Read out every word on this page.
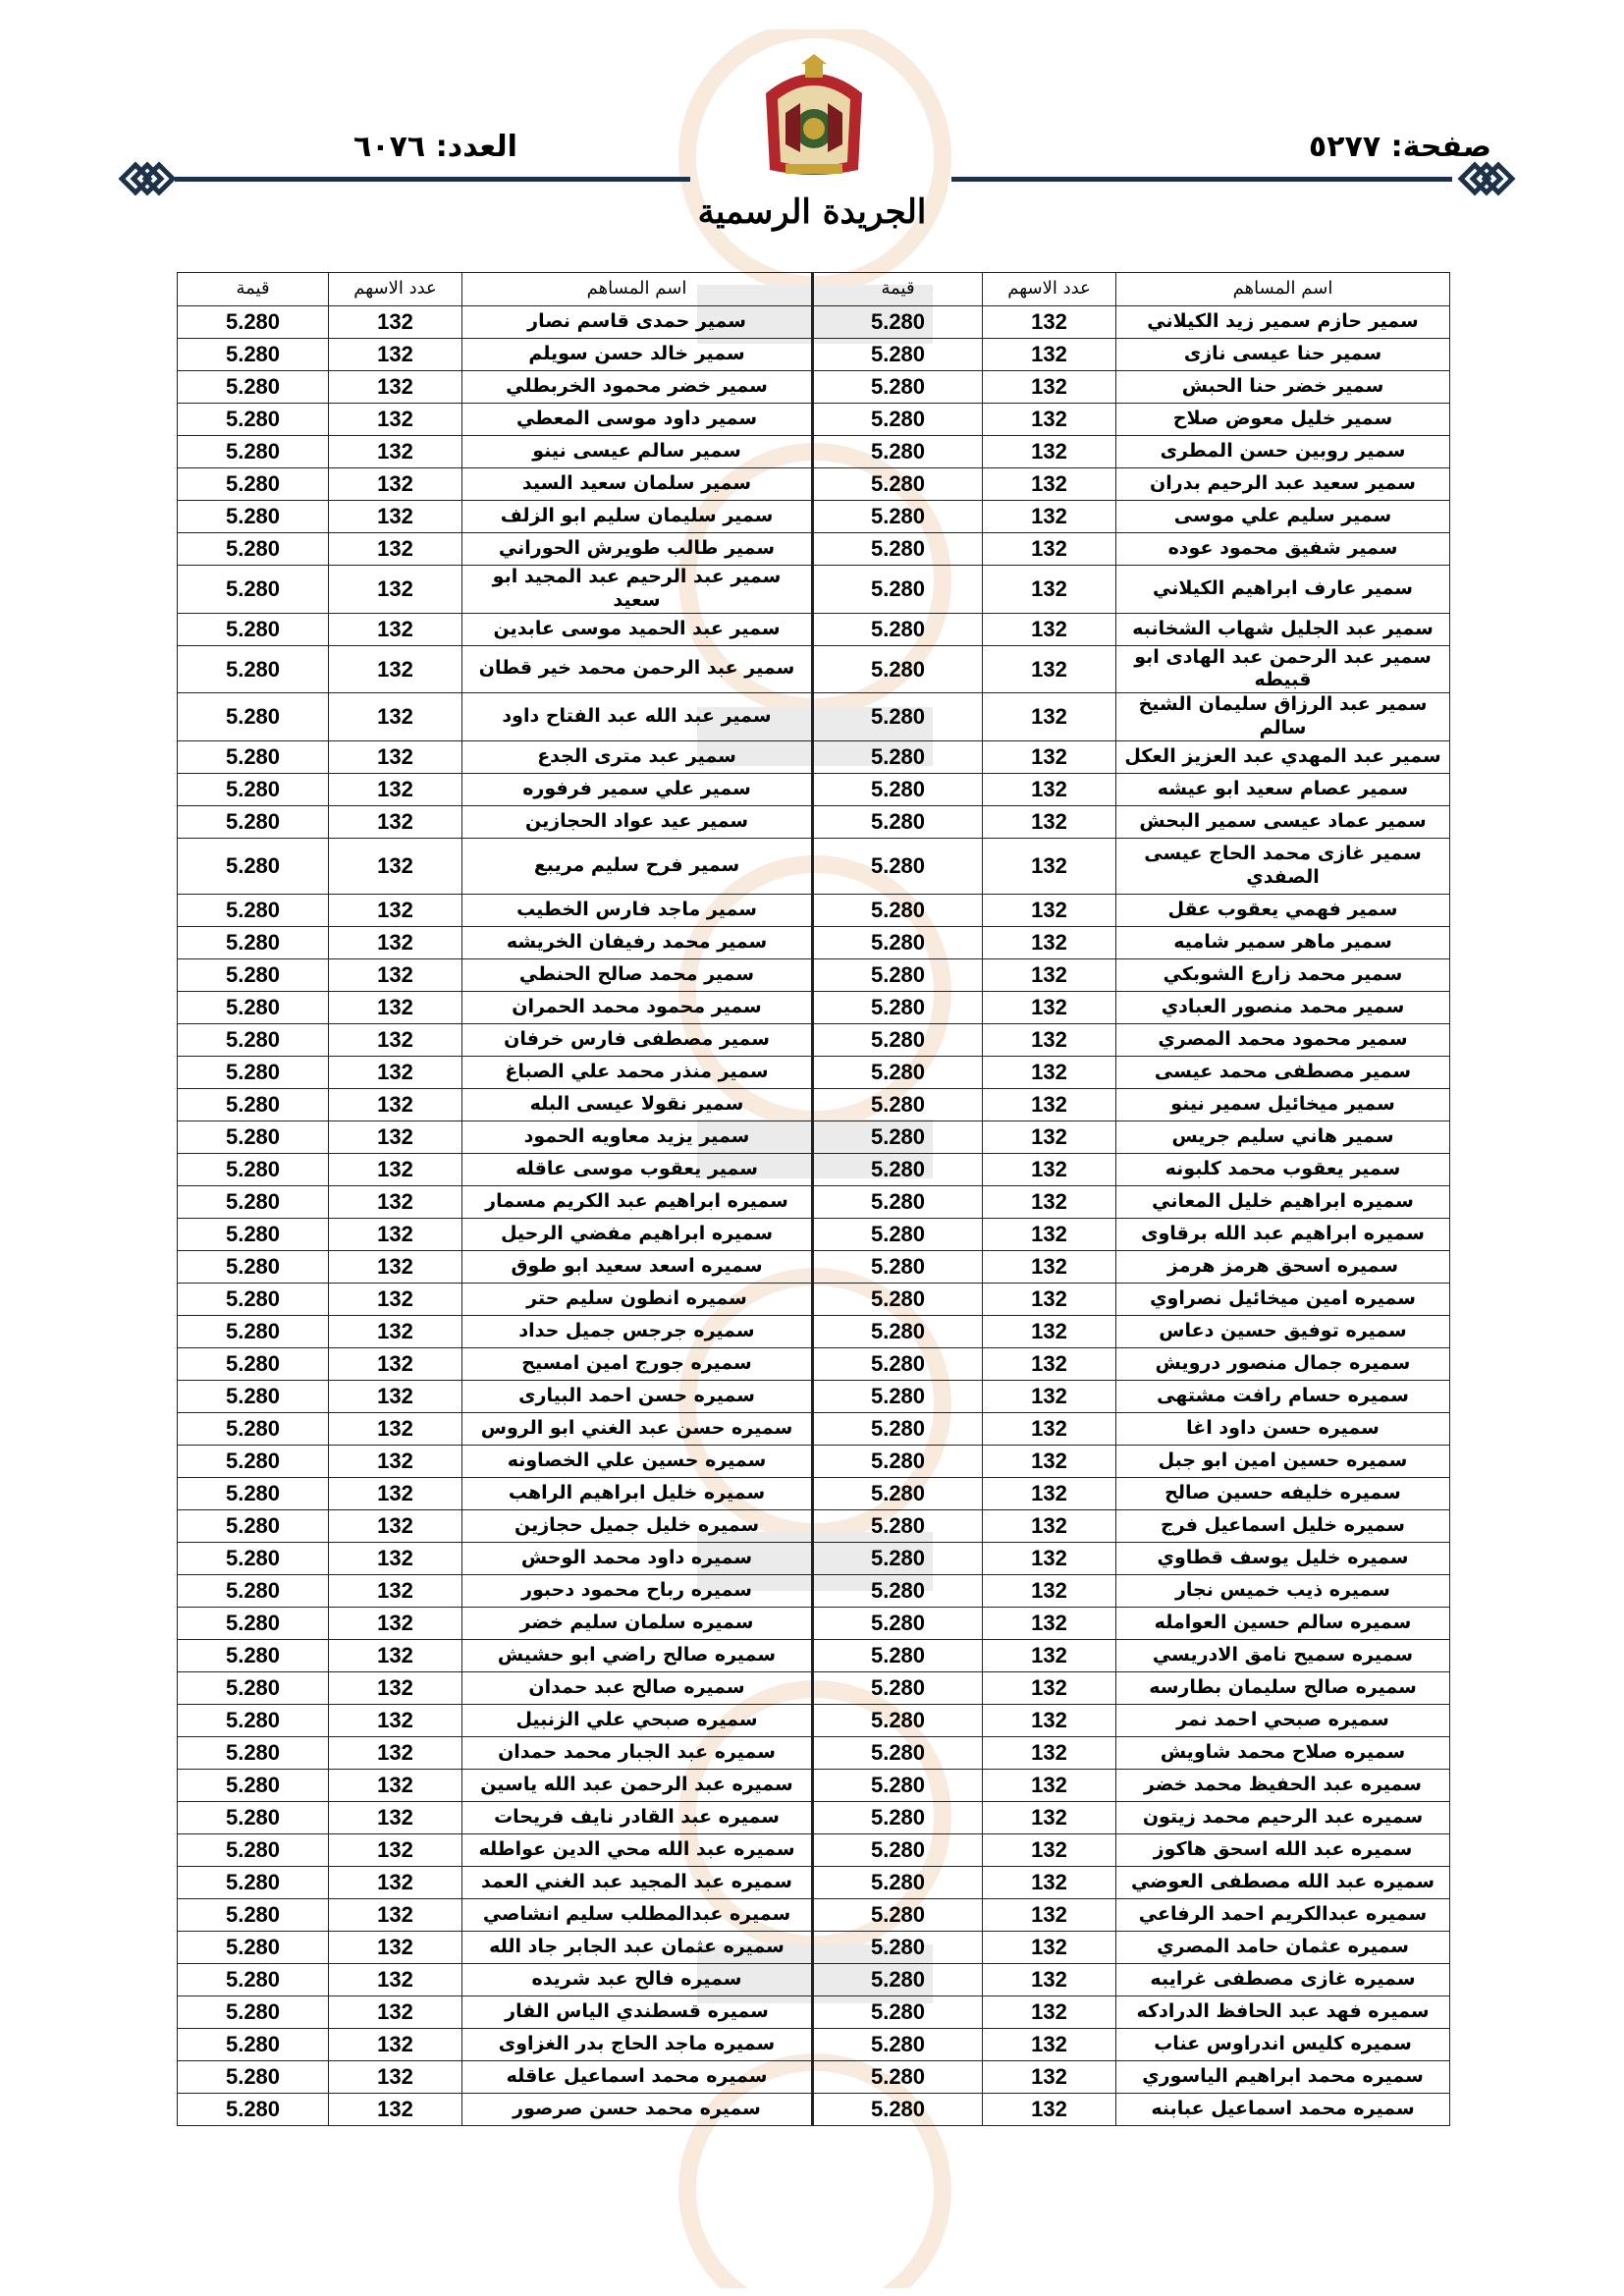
صفحة: ٥٢٧٧
العدد: ٦٠٧٦
الجريدة الرسمية
اسم المساهم	عدد الاسهم	قيمة	اسم المساهم	عدد الاسهم	قيمة
سمير حازم سمير زيد الكيلاني	132	5.280	سمير حمدى قاسم نصار	132	5.280
سمير حنا عيسى نازى	132	5.280	سمير خالد حسن سويلم	132	5.280
سمير خضر حنا الحبش	132	5.280	سمير خضر محمود الخربطلي	132	5.280
سمير خليل معوض صلاح	132	5.280	سمير داود موسى المعطي	132	5.280
سمير روبين حسن المطرى	132	5.280	سمير سالم عيسى نينو	132	5.280
سمير سعيد عبد الرحيم بدران	132	5.280	سمير سلمان سعيد السيد	132	5.280
سمير سليم علي موسى	132	5.280	سمير سليمان سليم ابو الزلف	132	5.280
سمير شفيق محمود عوده	132	5.280	سمير طالب طويرش الحوراني	132	5.280
سمير عارف ابراهيم الكيلاني	132	5.280	سمير عبد الرحيم عبد المجيد ابو سعيد	132	5.280
سمير عبد الجليل شهاب الشخانبه	132	5.280	سمير عبد الحميد موسى عابدين	132	5.280
سمير عبد الرحمن عبد الهادى ابو قبيطه	132	5.280	سمير عبد الرحمن محمد خير قطان	132	5.280
سمير عبد الرزاق سليمان الشيخ سالم	132	5.280	سمير عبد الله عبد الفتاح داود	132	5.280
سمير عبد المهدي عبد العزيز العكل	132	5.280	سمير عبد مترى الجدع	132	5.280
سمير عصام سعيد ابو عيشه	132	5.280	سمير علي سمير فرفوره	132	5.280
سمير عماد عيسى سمير البحش	132	5.280	سمير عيد عواد الحجازين	132	5.280
سمير غازى محمد الحاج عيسى الصفدي	132	5.280	سمير فرح سليم مريبع	132	5.280
سمير فهمي يعقوب عقل	132	5.280	سمير ماجد فارس الخطيب	132	5.280
سمير ماهر سمير شاميه	132	5.280	سمير محمد رفيفان الخريشه	132	5.280
سمير محمد زارع الشوبكي	132	5.280	سمير محمد صالح الحنطي	132	5.280
سمير محمد منصور العبادي	132	5.280	سمير محمود محمد الحمران	132	5.280
سمير محمود محمد المصري	132	5.280	سمير مصطفى فارس خرفان	132	5.280
سمير مصطفى محمد عيسى	132	5.280	سمير منذر محمد علي الصباغ	132	5.280
سمير ميخائيل سمير نينو	132	5.280	سمير نقولا عيسى البله	132	5.280
سمير هاني سليم جريس	132	5.280	سمير يزيد معاويه الحمود	132	5.280
سمير يعقوب محمد كلبونه	132	5.280	سمير يعقوب موسى عاقله	132	5.280
سميره ابراهيم خليل المعاني	132	5.280	سميره ابراهيم عبد الكريم مسمار	132	5.280
سميره ابراهيم عبد الله برقاوى	132	5.280	سميره ابراهيم مفضي الرحيل	132	5.280
سميره اسحق هرمز هرمز	132	5.280	سميره اسعد سعيد ابو طوق	132	5.280
سميره امين ميخائيل نصراوي	132	5.280	سميره انطون سليم حتر	132	5.280
سميره توفيق حسين دعاس	132	5.280	سميره جرجس جميل حداد	132	5.280
سميره جمال منصور درويش	132	5.280	سميره جورج امين امسيح	132	5.280
سميره حسام رافت مشتهى	132	5.280	سميره حسن احمد البيارى	132	5.280
سميره حسن داود اغا	132	5.280	سميره حسن عبد الغني ابو الروس	132	5.280
سميره حسين امين ابو جبل	132	5.280	سميره حسين علي الخصاونه	132	5.280
سميره خليفه حسين صالح	132	5.280	سميره خليل ابراهيم الراهب	132	5.280
سميره خليل اسماعيل فرج	132	5.280	سميره خليل جميل حجازين	132	5.280
سميره خليل يوسف قطاوي	132	5.280	سميره داود محمد الوحش	132	5.280
سميره ذيب خميس نجار	132	5.280	سميره رباح محمود دحبور	132	5.280
سميره سالم حسين العوامله	132	5.280	سميره سلمان سليم خضر	132	5.280
سميره سميح نامق الادريسي	132	5.280	سميره صالح راضي ابو حشيش	132	5.280
سميره صالح سليمان بطارسه	132	5.280	سميره صالح عبد حمدان	132	5.280
سميره صبحي احمد نمر	132	5.280	سميره صبحي علي الزنبيل	132	5.280
سميره صلاح محمد شاويش	132	5.280	سميره عبد الجبار محمد حمدان	132	5.280
سميره عبد الحفيظ محمد خضر	132	5.280	سميره عبد الرحمن عبد الله ياسين	132	5.280
سميره عبد الرحيم محمد زيتون	132	5.280	سميره عبد القادر نايف فريحات	132	5.280
سميره عبد الله اسحق هاكوز	132	5.280	سميره عبد الله محي الدين عواطله	132	5.280
سميره عبد الله مصطفى العوضي	132	5.280	سميره عبد المجيد عبد الغني العمد	132	5.280
سميره عبدالكريم احمد الرفاعي	132	5.280	سميره عبدالمطلب سليم انشاصي	132	5.280
سميره عثمان حامد المصري	132	5.280	سميره عثمان عبد الجابر جاد الله	132	5.280
سميره غازى مصطفى غرايبه	132	5.280	سميره فالح عبد شريده	132	5.280
سميره فهد عبد الحافظ الدرادكه	132	5.280	سميره قسطندي الياس الفار	132	5.280
سميره كليس اندراوس عناب	132	5.280	سميره ماجد الحاج بدر الغزاوى	132	5.280
سميره محمد ابراهيم الياسوري	132	5.280	سميره محمد اسماعيل عاقله	132	5.280
سميره محمد اسماعيل عبابنه	132	5.280	سميره محمد حسن صرصور	132	5.280
